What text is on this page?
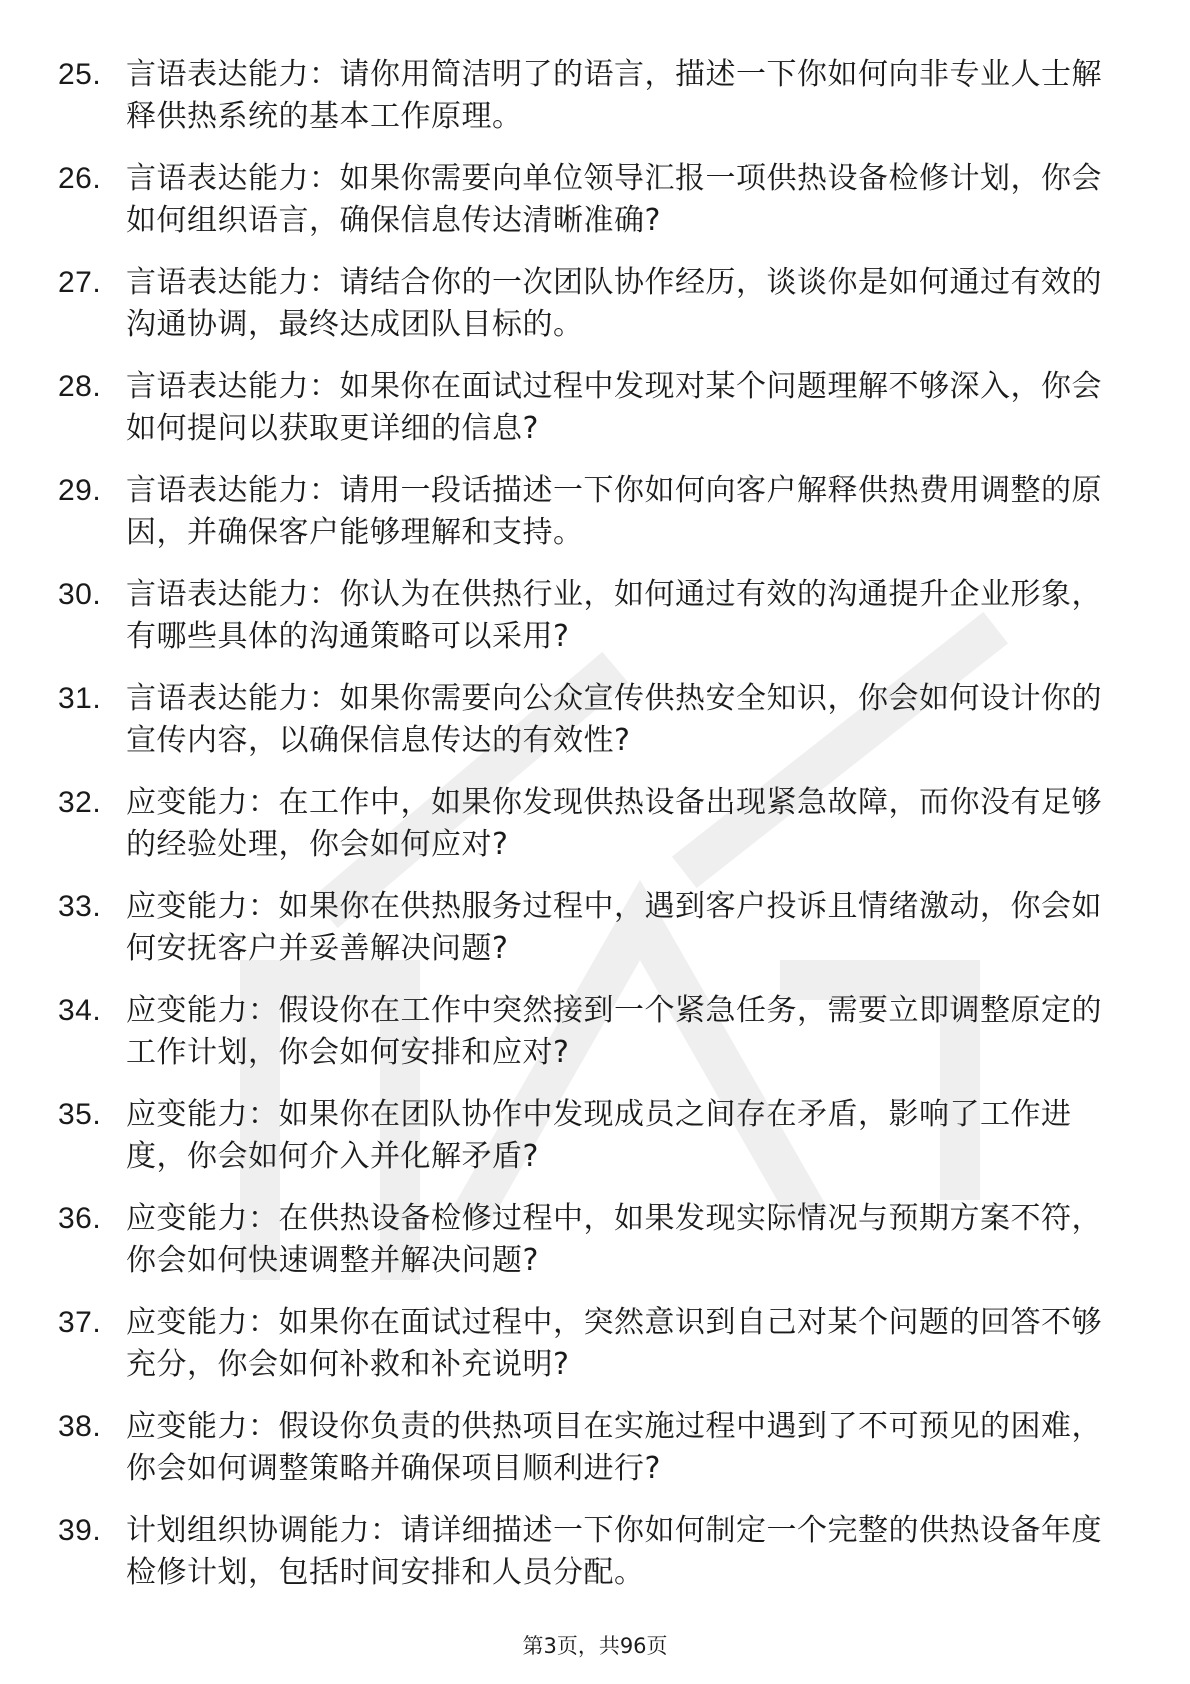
25. 言语表达能力：请你用简洁明了的语言，描述一下你如何向非专业人士解释供热系统的基本工作原理。
26. 言语表达能力：如果你需要向单位领导汇报一项供热设备检修计划，你会如何组织语言，确保信息传达清晰准确?
27. 言语表达能力：请结合你的一次团队协作经历，谈谈你是如何通过有效的沟通协调，最终达成团队目标的。
28. 言语表达能力：如果你在面试过程中发现对某个问题理解不够深入，你会如何提问以获取更详细的信息?
29. 言语表达能力：请用一段话描述一下你如何向客户解释供热费用调整的原因，并确保客户能够理解和支持。
30. 言语表达能力：你认为在供热行业，如何通过有效的沟通提升企业形象，有哪些具体的沟通策略可以采用?
31. 言语表达能力：如果你需要向公众宣传供热安全知识，你会如何设计你的宣传内容，以确保信息传达的有效性?
32. 应变能力：在工作中，如果你发现供热设备出现紧急故障，而你没有足够的经验处理，你会如何应对?
33. 应变能力：如果你在供热服务过程中，遇到客户投诉且情绪激动，你会如何安抚客户并妥善解决问题?
34. 应变能力：假设你在工作中突然接到一个紧急任务，需要立即调整原定的工作计划，你会如何安排和应对?
35. 应变能力：如果你在团队协作中发现成员之间存在矛盾，影响了工作进度，你会如何介入并化解矛盾?
36. 应变能力：在供热设备检修过程中，如果发现实际情况与预期方案不符，你会如何快速调整并解决问题?
37. 应变能力：如果你在面试过程中，突然意识到自己对某个问题的回答不够充分，你会如何补救和补充说明?
38. 应变能力：假设你负责的供热项目在实施过程中遇到了不可预见的困难，你会如何调整策略并确保项目顺利进行?
39. 计划组织协调能力：请详细描述一下你如何制定一个完整的供热设备年度检修计划，包括时间安排和人员分配。
第3页，共96页
